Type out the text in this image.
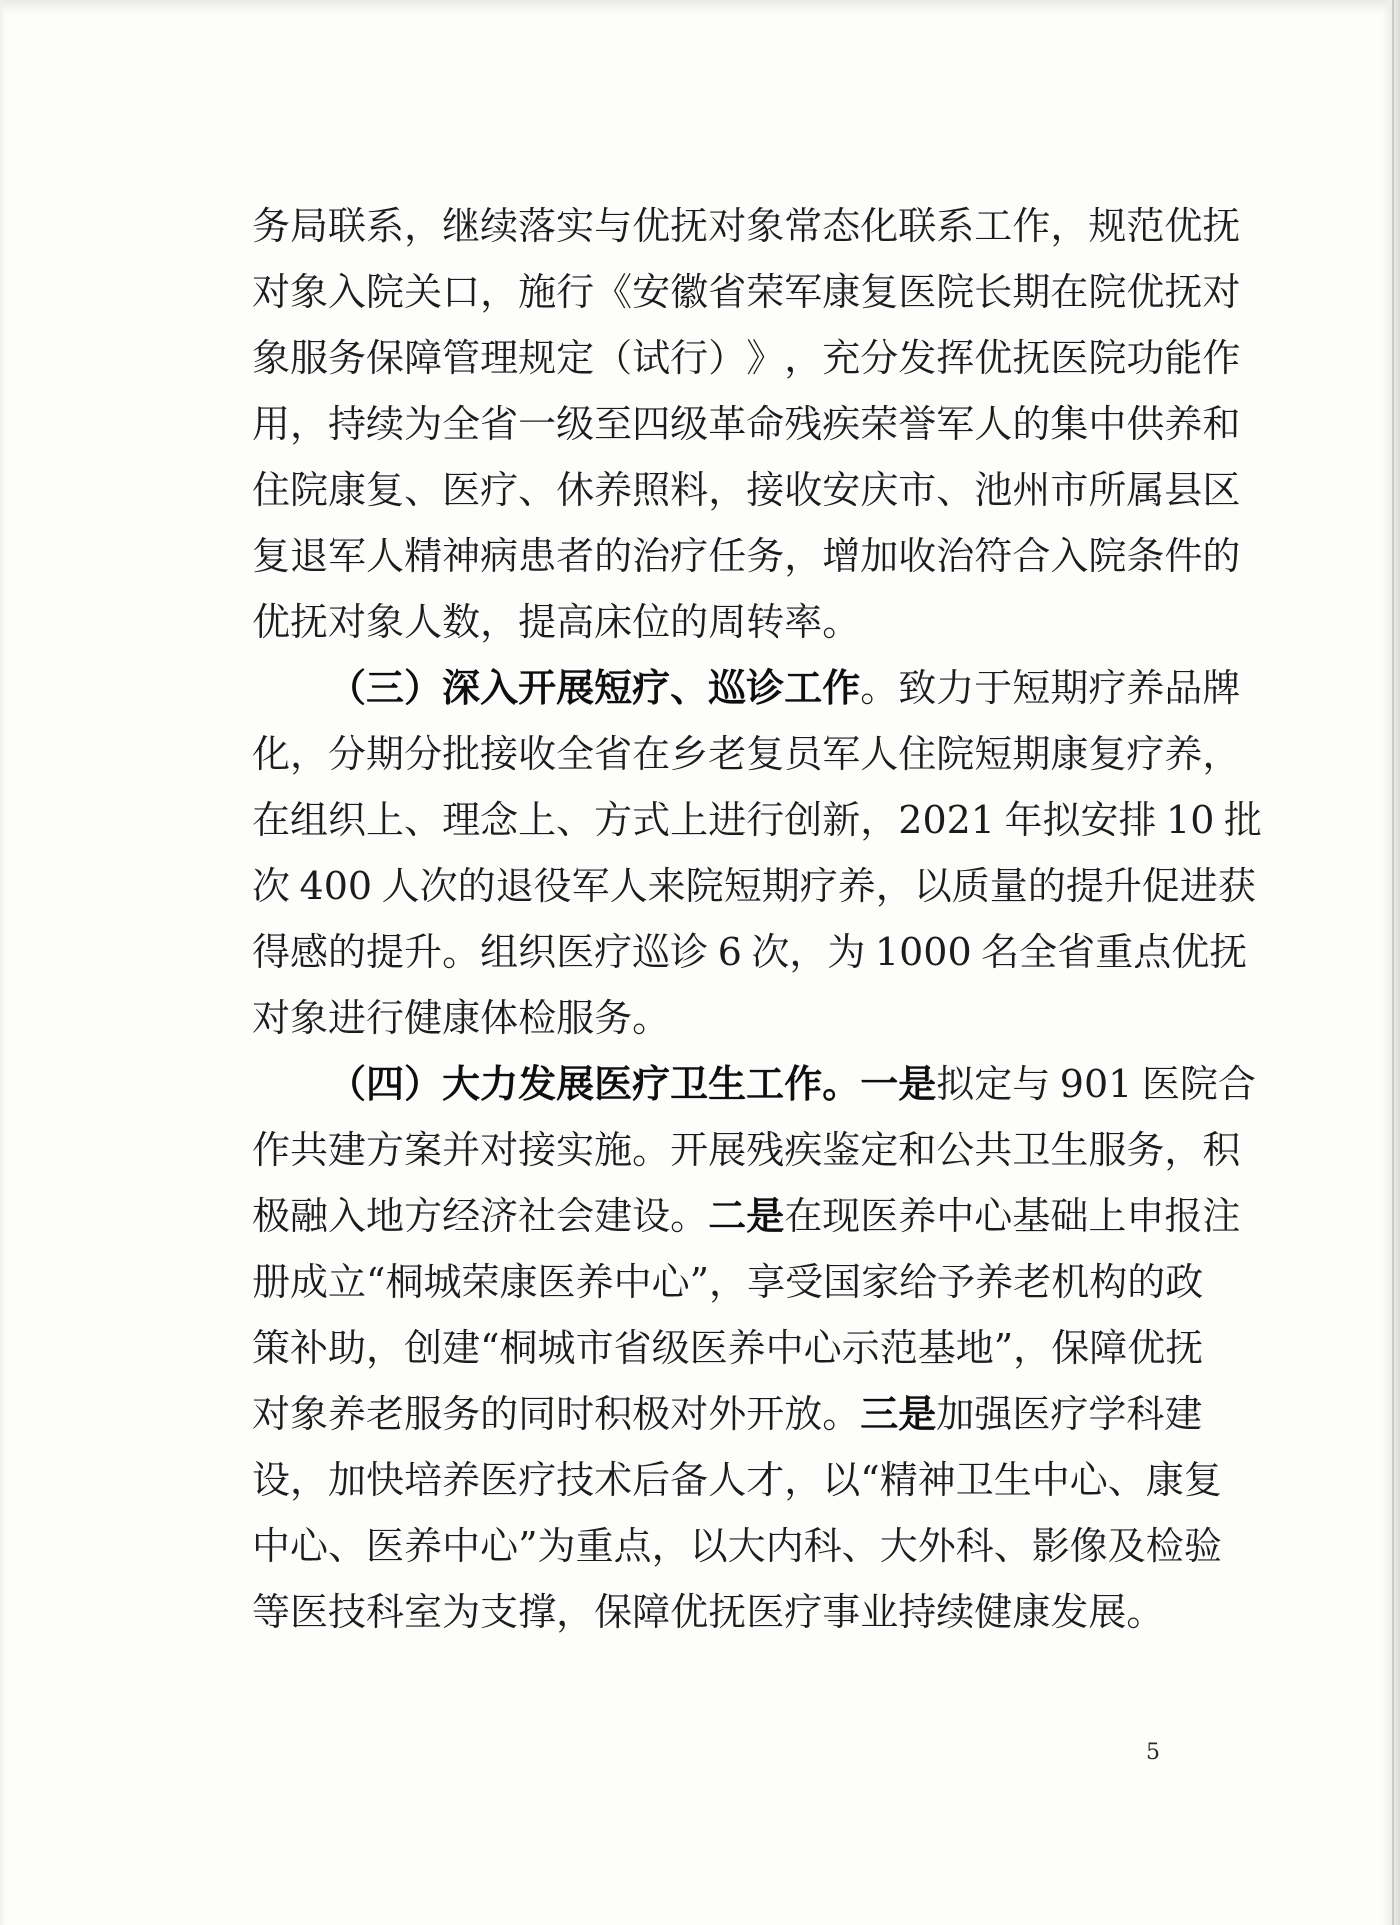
务 局 联 系 ， 继 续 落 实 与 优 抚 对 象 常 态 化 联 系 工 作 ， 规 范 优 抚
对 象 入 院 关 口 ， 施 行 《 安 徽 省 荣 军 康 复 医 院 长 期 在 院 优 抚 对
象 服 务 保 障 管 理 规 定 （ 试 行 ） 》 ， 充 分 发 挥 优 抚 医 院 功 能 作
用 ， 持 续 为 全 省 一 级 至 四 级 革 命 残 疾 荣 誉 军 人 的 集 中 供 养 和
住 院 康 复 、 医 疗 、 休 养 照 料 ， 接 收 安 庆 市 、 池 州 市 所 属 县 区
复 退 军 人 精 神 病 患 者 的 治 疗 任 务 ， 增 加 收 治 符 合 入 院 条 件 的
优 抚 对 象 人 数 ， 提 高 床 位 的 周 转 率 。
（ 三 ） 深 入 开 展 短 疗 、 巡 诊 工 作 。 致 力 于 短 期 疗 养 品 牌
化 ， 分 期 分 批 接 收 全 省 在 乡 老 复 员 军 人 住 院 短 期 康 复 疗 养 ，
在 组 织 上 、 理 念 上 、 方 式 上 进 行 创 新 ， 2021 年 拟 安 排 10 批
次 400 人 次 的 退 役 军 人 来 院 短 期 疗 养 ， 以 质 量 的 提 升 促 进 获
得 感 的 提 升 。 组 织 医 疗 巡 诊 6 次 ， 为 1000 名 全 省 重 点 优 抚
对 象 进 行 健 康 体 检 服 务 。
（ 四 ） 大 力 发 展 医 疗 卫 生 工 作 。 一 是 拟 定 与 901 医 院 合
作 共 建 方 案 并 对 接 实 施 。 开 展 残 疾 鉴 定 和 公 共 卫 生 服 务 ， 积
极 融 入 地 方 经 济 社 会 建 设 。 二 是 在 现 医 养 中 心 基 础 上 申 报 注
册 成 立 “ 桐 城 荣 康 医 养 中 心 ” ， 享 受 国 家 给 予 养 老 机 构 的 政
策 补 助 ， 创 建 “ 桐 城 市 省 级 医 养 中 心 示 范 基 地 ” ， 保 障 优 抚
对 象 养 老 服 务 的 同 时 积 极 对 外 开 放 。 三 是 加 强 医 疗 学 科 建
设 ， 加 快 培 养 医 疗 技 术 后 备 人 才 ， 以 “ 精 神 卫 生 中 心 、 康 复
中 心 、 医 养 中 心 ” 为 重 点 ， 以 大 内 科 、 大 外 科 、 影 像 及 检 验
等 医 技 科 室 为 支 撑 ， 保 障 优 抚 医 疗 事 业 持 续 健 康 发 展 。
5
